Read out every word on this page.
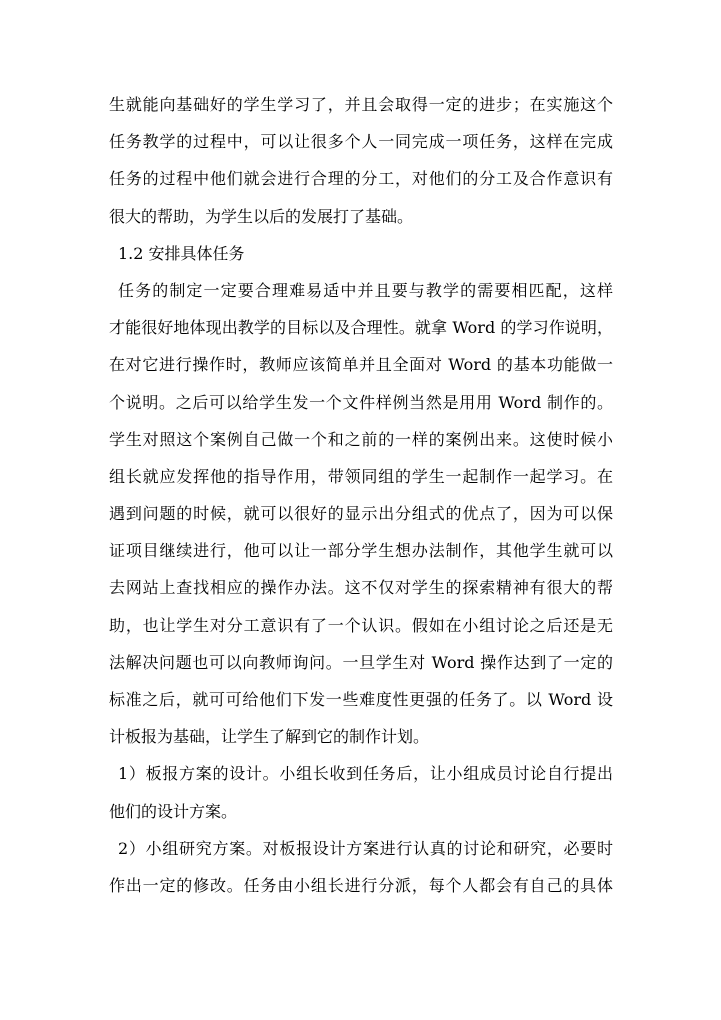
生就能向基础好的学生学习了，并且会取得一定的进步；在实施这个
任务教学的过程中，可以让很多个人一同完成一项任务，这样在完成
任务的过程中他们就会进行合理的分工，对他们的分工及合作意识有
很大的帮助，为学生以后的发展打了基础。
1.2 安排具体任务
任务的制定一定要合理难易适中并且要与教学的需要相匹配，这样
才能很好地体现出教学的目标以及合理性。就拿 Word 的学习作说明，
在对它进行操作时，教师应该简单并且全面对 Word 的基本功能做一
个说明。之后可以给学生发一个文件样例当然是用用 Word 制作的。
学生对照这个案例自己做一个和之前的一样的案例出来。这使时候小
组长就应发挥他的指导作用，带领同组的学生一起制作一起学习。在
遇到问题的时候，就可以很好的显示出分组式的优点了，因为可以保
证项目继续进行，他可以让一部分学生想办法制作，其他学生就可以
去网站上查找相应的操作办法。这不仅对学生的探索精神有很大的帮
助，也让学生对分工意识有了一个认识。假如在小组讨论之后还是无
法解决问题也可以向教师询问。一旦学生对 Word 操作达到了一定的
标准之后，就可可给他们下发一些难度性更强的任务了。以 Word 设
计板报为基础，让学生了解到它的制作计划。
1）板报方案的设计。小组长收到任务后，让小组成员讨论自行提出
他们的设计方案。
2）小组研究方案。对板报设计方案进行认真的讨论和研究，必要时
作出一定的修改。任务由小组长进行分派，每个人都会有自己的具体
